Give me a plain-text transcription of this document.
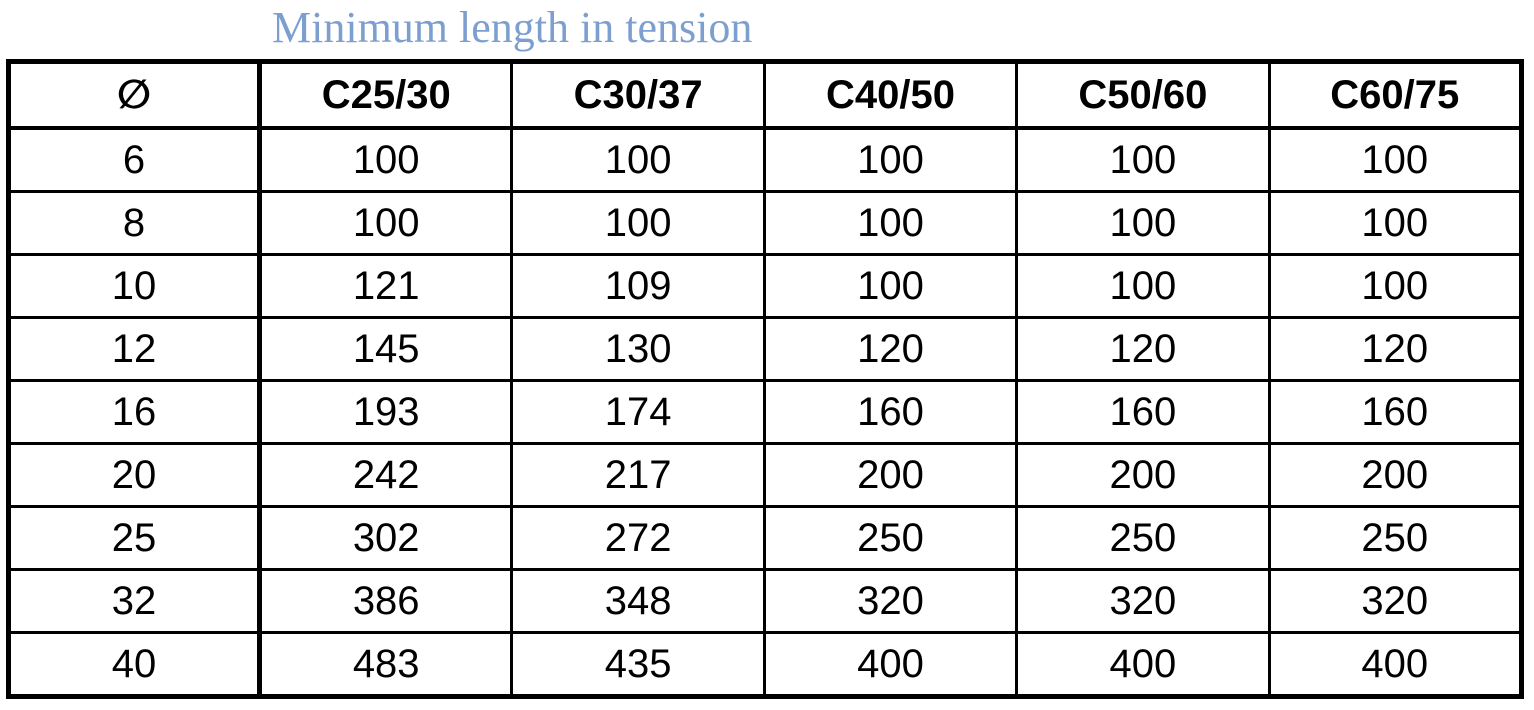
Minimum length in tension
∅	C25/30	C30/37	C40/50	C50/60	C60/75
6	100	100	100	100	100
8	100	100	100	100	100
10	121	109	100	100	100
12	145	130	120	120	120
16	193	174	160	160	160
20	242	217	200	200	200
25	302	272	250	250	250
32	386	348	320	320	320
40	483	435	400	400	400
